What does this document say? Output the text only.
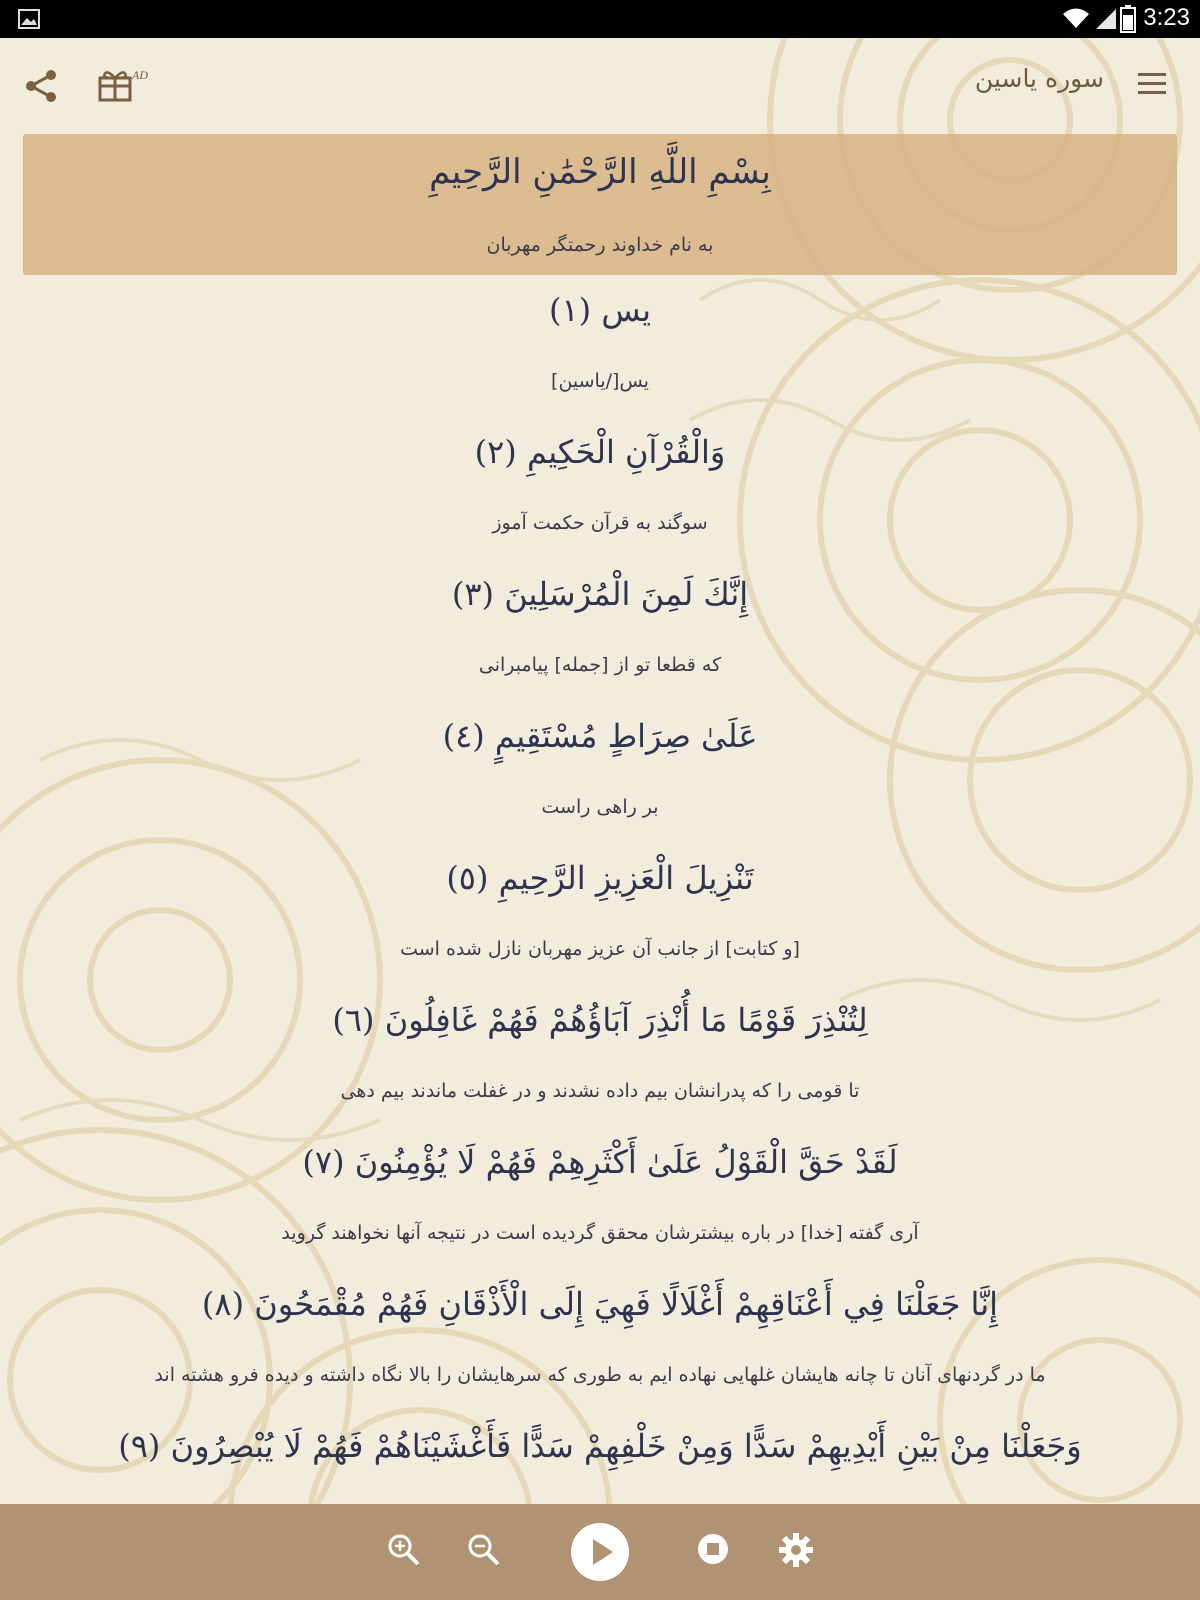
3:23
AD	سوره یاسین
بِسْمِ اللَّهِ الرَّحْمَٰنِ الرَّحِيمِ
به نام خداوند رحمتگر مهربان
يس (١)
یس[/یاسین]
وَالْقُرْآنِ الْحَكِيمِ (٢)
سوگند به قرآن حکمت آموز
إِنَّكَ لَمِنَ الْمُرْسَلِينَ (٣)
که قطعا تو از [جمله] پیامبرانی
عَلَىٰ صِرَاطٍ مُسْتَقِيمٍ (٤)
بر راهی راست
تَنْزِيلَ الْعَزِيزِ الرَّحِيمِ (٥)
[و کتابت] از جانب آن عزیز مهربان نازل شده است
لِتُنْذِرَ قَوْمًا مَا أُنْذِرَ آبَاؤُهُمْ فَهُمْ غَافِلُونَ (٦)
تا قومی را که پدرانشان بیم داده نشدند و در غفلت ماندند بیم دهی
لَقَدْ حَقَّ الْقَوْلُ عَلَىٰ أَكْثَرِهِمْ فَهُمْ لَا يُؤْمِنُونَ (٧)
آری گفته [خدا] در باره بیشترشان محقق گردیده است در نتیجه آنها نخواهند گروید
إِنَّا جَعَلْنَا فِي أَعْنَاقِهِمْ أَغْلَالًا فَهِيَ إِلَى الْأَذْقَانِ فَهُمْ مُقْمَحُونَ (٨)
ما در گردنهای آنان تا چانه هایشان غلهایی نهاده ایم به طوری که سرهایشان را بالا نگاه داشته و دیده فرو هشته اند
وَجَعَلْنَا مِنْ بَيْنِ أَيْدِيهِمْ سَدًّا وَمِنْ خَلْفِهِمْ سَدًّا فَأَغْشَيْنَاهُمْ فَهُمْ لَا يُبْصِرُونَ (٩)
